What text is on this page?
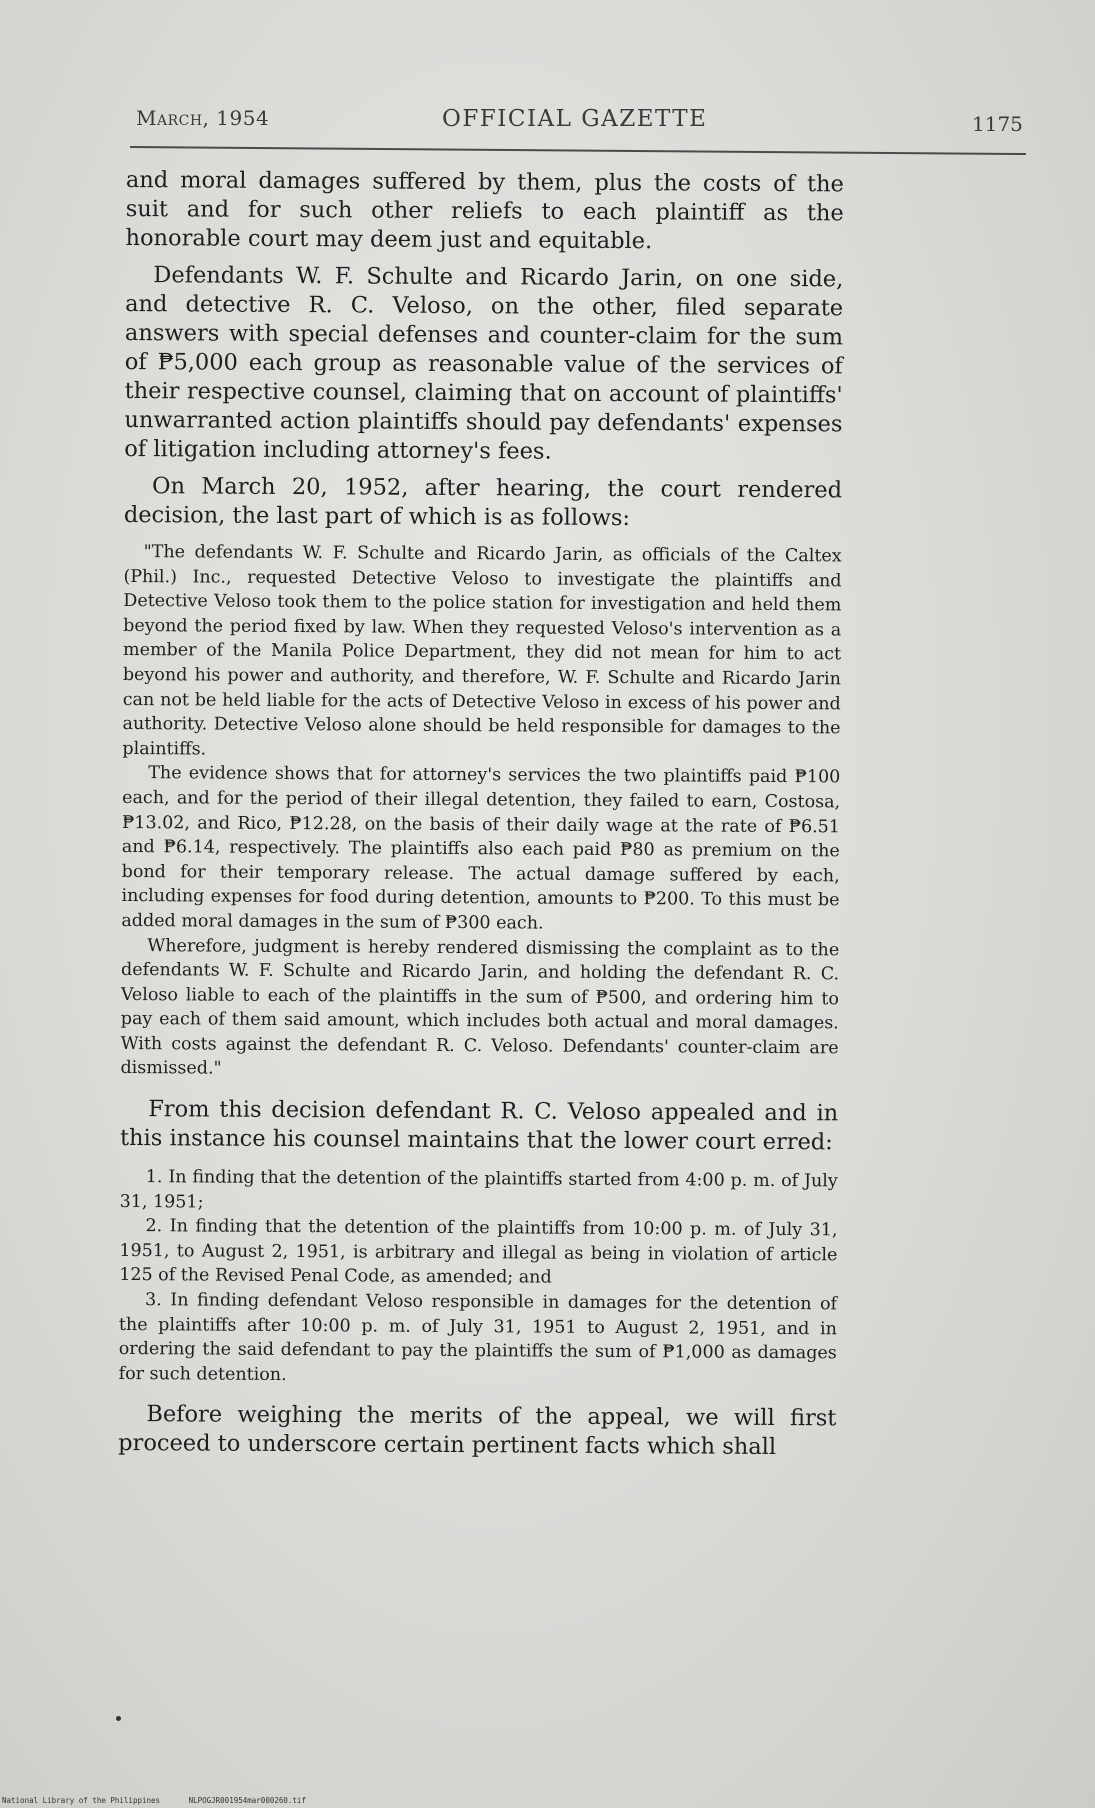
March, 1954	OFFICIAL GAZETTE	1175

and moral damages suffered by them, plus the costs of the suit and for such other reliefs to each plaintiff as the honorable court may deem just and equitable.

Defendants W. F. Schulte and Ricardo Jarin, on one side, and detective R. C. Veloso, on the other, filed separate answers with special defenses and counter-claim for the sum of ₱5,000 each group as reasonable value of the services of their respective counsel, claiming that on account of plaintiffs' unwarranted action plaintiffs should pay defendants' expenses of litigation including attorney's fees.

On March 20, 1952, after hearing, the court rendered decision, the last part of which is as follows:

"The defendants W. F. Schulte and Ricardo Jarin, as officials of the Caltex (Phil.) Inc., requested Detective Veloso to investigate the plaintiffs and Detective Veloso took them to the police station for investigation and held them beyond the period fixed by law. When they requested Veloso's intervention as a member of the Manila Police Department, they did not mean for him to act beyond his power and authority, and therefore, W. F. Schulte and Ricardo Jarin can not be held liable for the acts of Detective Veloso in excess of his power and authority. Detective Veloso alone should be held responsible for damages to the plaintiffs.

The evidence shows that for attorney's services the two plaintiffs paid ₱100 each, and for the period of their illegal detention, they failed to earn, Costosa, ₱13.02, and Rico, ₱12.28, on the basis of their daily wage at the rate of ₱6.51 and ₱6.14, respectively. The plaintiffs also each paid ₱80 as premium on the bond for their temporary release. The actual damage suffered by each, including expenses for food during detention, amounts to ₱200. To this must be added moral damages in the sum of ₱300 each.

Wherefore, judgment is hereby rendered dismissing the complaint as to the defendants W. F. Schulte and Ricardo Jarin, and holding the defendant R. C. Veloso liable to each of the plaintiffs in the sum of ₱500, and ordering him to pay each of them said amount, which includes both actual and moral damages. With costs against the defendant R. C. Veloso. Defendants' counter-claim are dismissed."

From this decision defendant R. C. Veloso appealed and in this instance his counsel maintains that the lower court erred:

1. In finding that the detention of the plaintiffs started from 4:00 p. m. of July 31, 1951;

2. In finding that the detention of the plaintiffs from 10:00 p. m. of July 31, 1951, to August 2, 1951, is arbitrary and illegal as being in violation of article 125 of the Revised Penal Code, as amended; and

3. In finding defendant Veloso responsible in damages for the detention of the plaintiffs after 10:00 p. m. of July 31, 1951 to August 2, 1951, and in ordering the said defendant to pay the plaintiffs the sum of ₱1,000 as damages for such detention.

Before weighing the merits of the appeal, we will first proceed to underscore certain pertinent facts which shall

National Library of the Philippines	NLPOGJR001954mar000260.tif
